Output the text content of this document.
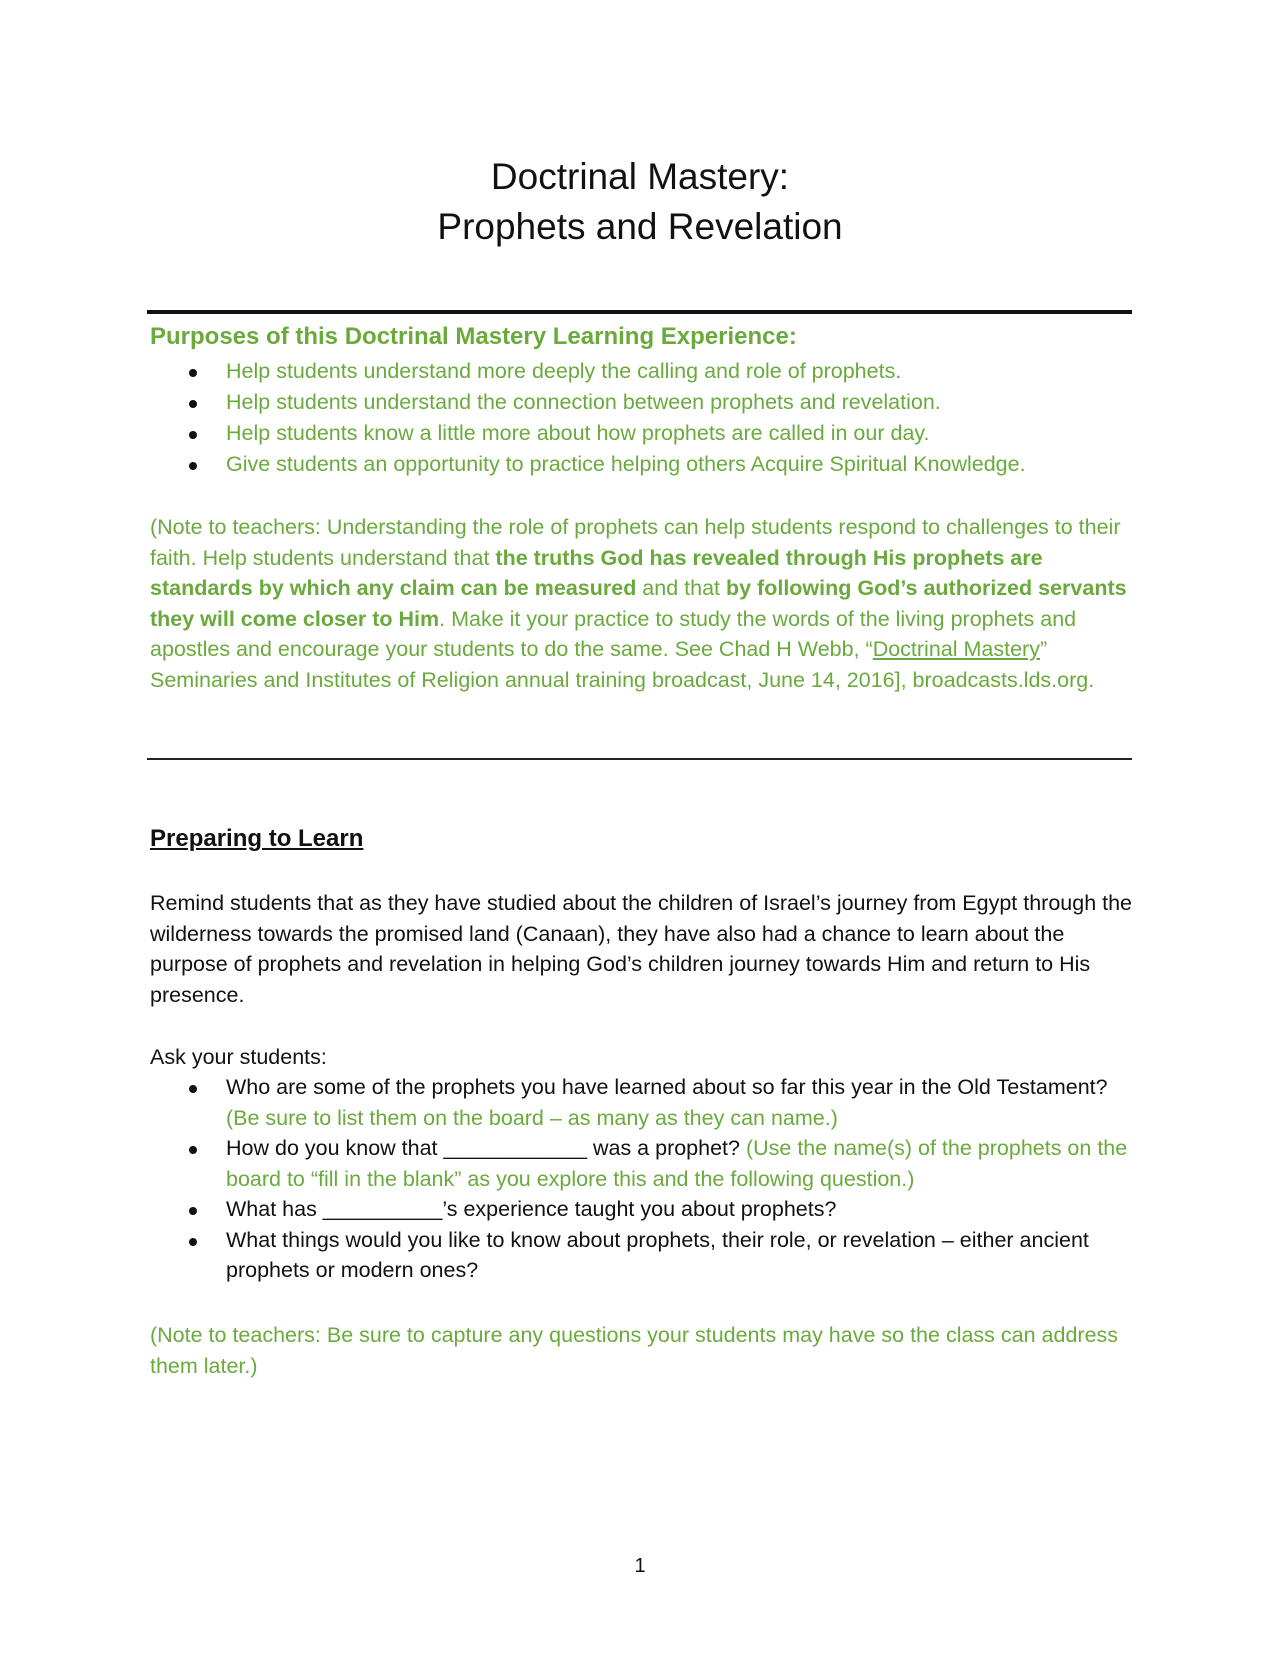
Doctrinal Mastery:
Prophets and Revelation
Purposes of this Doctrinal Mastery Learning Experience:
Help students understand more deeply the calling and role of prophets.
Help students understand the connection between prophets and revelation.
Help students know a little more about how prophets are called in our day.
Give students an opportunity to practice helping others Acquire Spiritual Knowledge.

(Note to teachers: Understanding the role of prophets can help students respond to challenges to their faith. Help students understand that the truths God has revealed through His prophets are standards by which any claim can be measured and that by following God’s authorized servants they will come closer to Him. Make it your practice to study the words of the living prophets and apostles and encourage your students to do the same. See Chad H Webb, “Doctrinal Mastery” Seminaries and Institutes of Religion annual training broadcast, June 14, 2016], broadcasts.lds.org.

Preparing to Learn

Remind students that as they have studied about the children of Israel’s journey from Egypt through the wilderness towards the promised land (Canaan), they have also had a chance to learn about the purpose of prophets and revelation in helping God’s children journey towards Him and return to His presence.

Ask your students:

Who are some of the prophets you have learned about so far this year in the Old Testament? (Be sure to list them on the board – as many as they can name.)
How do you know that ____________ was a prophet? (Use the name(s) of the prophets on the board to “fill in the blank” as you explore this and the following question.)
What has __________’s experience taught you about prophets?
What things would you like to know about prophets, their role, or revelation – either ancient prophets or modern ones?

(Note to teachers: Be sure to capture any questions your students may have so the class can address them later.)

1
